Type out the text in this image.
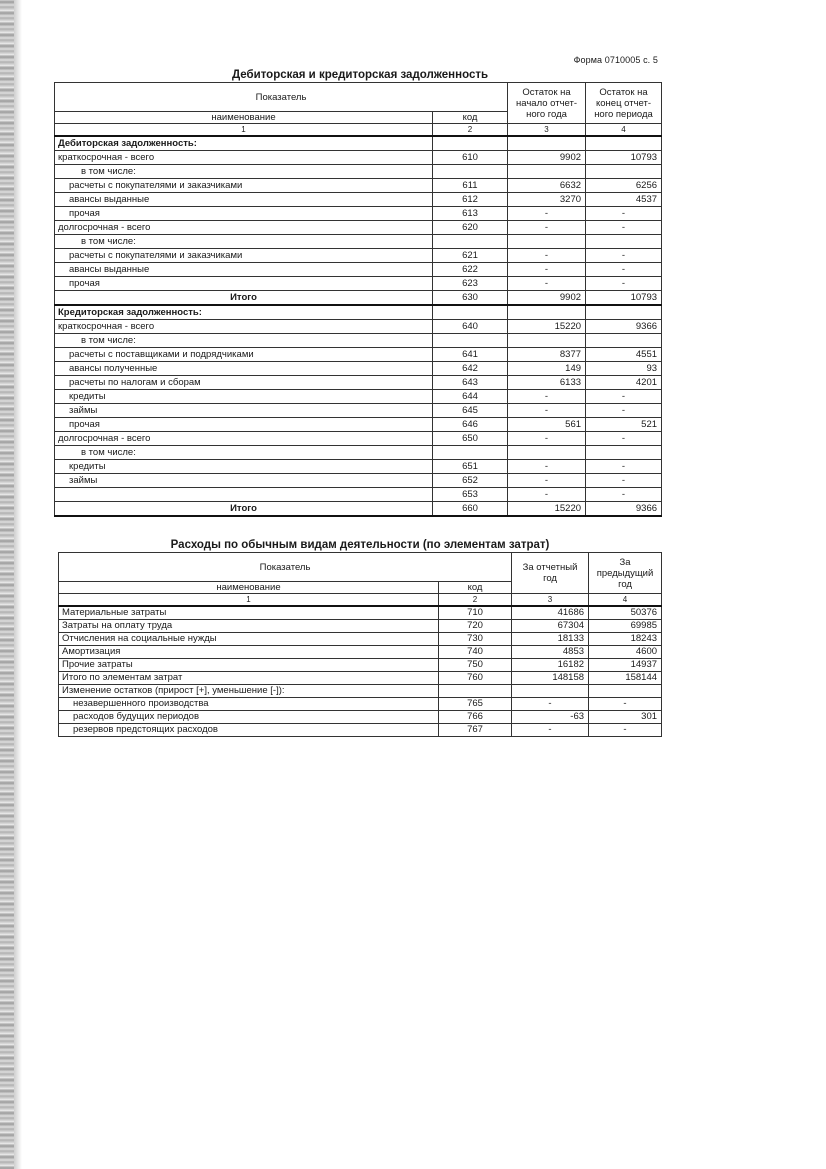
Форма 0710005 с. 5
Дебиторская и кредиторская задолженность
Показатель		Остаток на начало отчет-ного года	Остаток на конец отчет-ного периода
наименование	код		
1	2	3	4
Дебиторская задолженность:			
краткосрочная - всего	610	9902	10793
в том числе:			
расчеты с покупателями и заказчиками	611	6632	6256
авансы выданные	612	3270	4537
прочая	613	-	-
долгосрочная - всего	620	-	-
в том числе:			
расчеты с покупателями и заказчиками	621	-	-
авансы выданные	622	-	-
прочая	623	-	-
Итого	630	9902	10793
Кредиторская задолженность:			
краткосрочная - всего	640	15220	9366
в том числе:			
расчеты с поставщиками и подрядчиками	641	8377	4551
авансы полученные	642	149	93
расчеты по налогам и сборам	643	6133	4201
кредиты	644	-	-
займы	645	-	-
прочая	646	561	521
долгосрочная - всего	650	-	-
в том числе:			
кредиты	651	-	-
займы	652	-	-
	653	-	-
Итого	660	15220	9366
Расходы по обычным видам деятельности (по элементам затрат)
Показатель		За отчетный год	За предыдущий год
наименование	код		
1	2	3	4
Материальные затраты	710	41686	50376
Затраты на оплату труда	720	67304	69985
Отчисления на социальные нужды	730	18133	18243
Амортизация	740	4853	4600
Прочие затраты	750	16182	14937
Итого по элементам затрат	760	148158	158144
Изменение остатков (прирост [+], уменьшение [-]):			
незавершенного производства	765	-	-
расходов будущих периодов	766	-63	301
резервов предстоящих расходов	767	-	-
